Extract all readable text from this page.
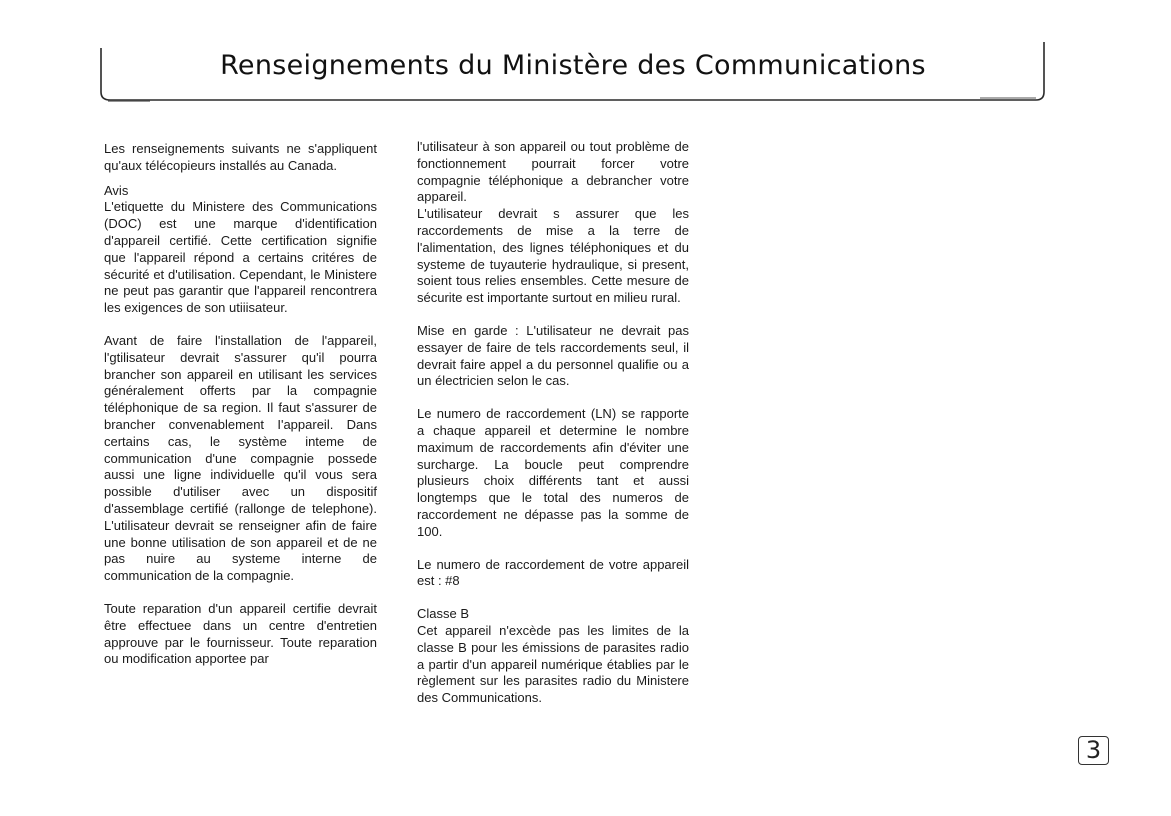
Renseignements du Ministère des Communications

Les renseignements suivants ne s'appliquent qu'aux télécopieurs installés au Canada.

Avis

L'etiquette du Ministere des Communications (DOC) est une marque d'identification d'appareil certifié. Cette certification signifie que l'appareil répond a certains critéres de sécurité et d'utilisation. Cependant, le Ministere ne peut pas garantir que l'appareil rencontrera les exigences de son utiiisateur.

Avant de faire l'installation de l'appareil, l'gtilisateur devrait s'assurer qu'il pourra brancher son appareil en utilisant les services généralement offerts par la compagnie téléphonique de sa region. Il faut s'assurer de brancher convenablement I'appareil. Dans certains cas, le système inteme de communication d'une compagnie possede aussi une ligne individuelle qu'il vous sera possible d'utiliser avec un dispositif d'assemblage certifié (rallonge de telephone). L'utilisateur devrait se renseigner afin de faire une bonne utilisation de son appareil et de ne pas nuire au systeme interne de communication de la compagnie.

Toute reparation d'un appareil certifie devrait être effectuee dans un centre d'entretien approuve par le fournisseur. Toute reparation ou modification apportee par

l'utilisateur à son appareil ou tout problème de fonctionnement pourrait forcer votre compagnie téléphonique a debrancher votre appareil.

L'utilisateur devrait s assurer que les raccordements de mise a la terre de l'alimentation, des lignes téléphoniques et du systeme de tuyauterie hydraulique, si present, soient tous relies ensembles. Cette mesure de sécurite est importante surtout en milieu rural.

Mise en garde : L'utilisateur ne devrait pas essayer de faire de tels raccordements seul, il devrait faire appel a du personnel qualifie ou a un électricien selon le cas.

Le numero de raccordement (LN) se rapporte a chaque appareil et determine le nombre maximum de raccordements afin d'éviter une surcharge. La boucle peut comprendre plusieurs choix différents tant et aussi longtemps que le total des numeros de raccordement ne dépasse pas la somme de 100.

Le numero de raccordement de votre appareil est : #8

Classe B

Cet appareil n'excède pas les limites de la classe B pour les émissions de parasites radio a partir d'un appareil numérique établies par le règlement sur les parasites radio du Ministere des Communications.

3
